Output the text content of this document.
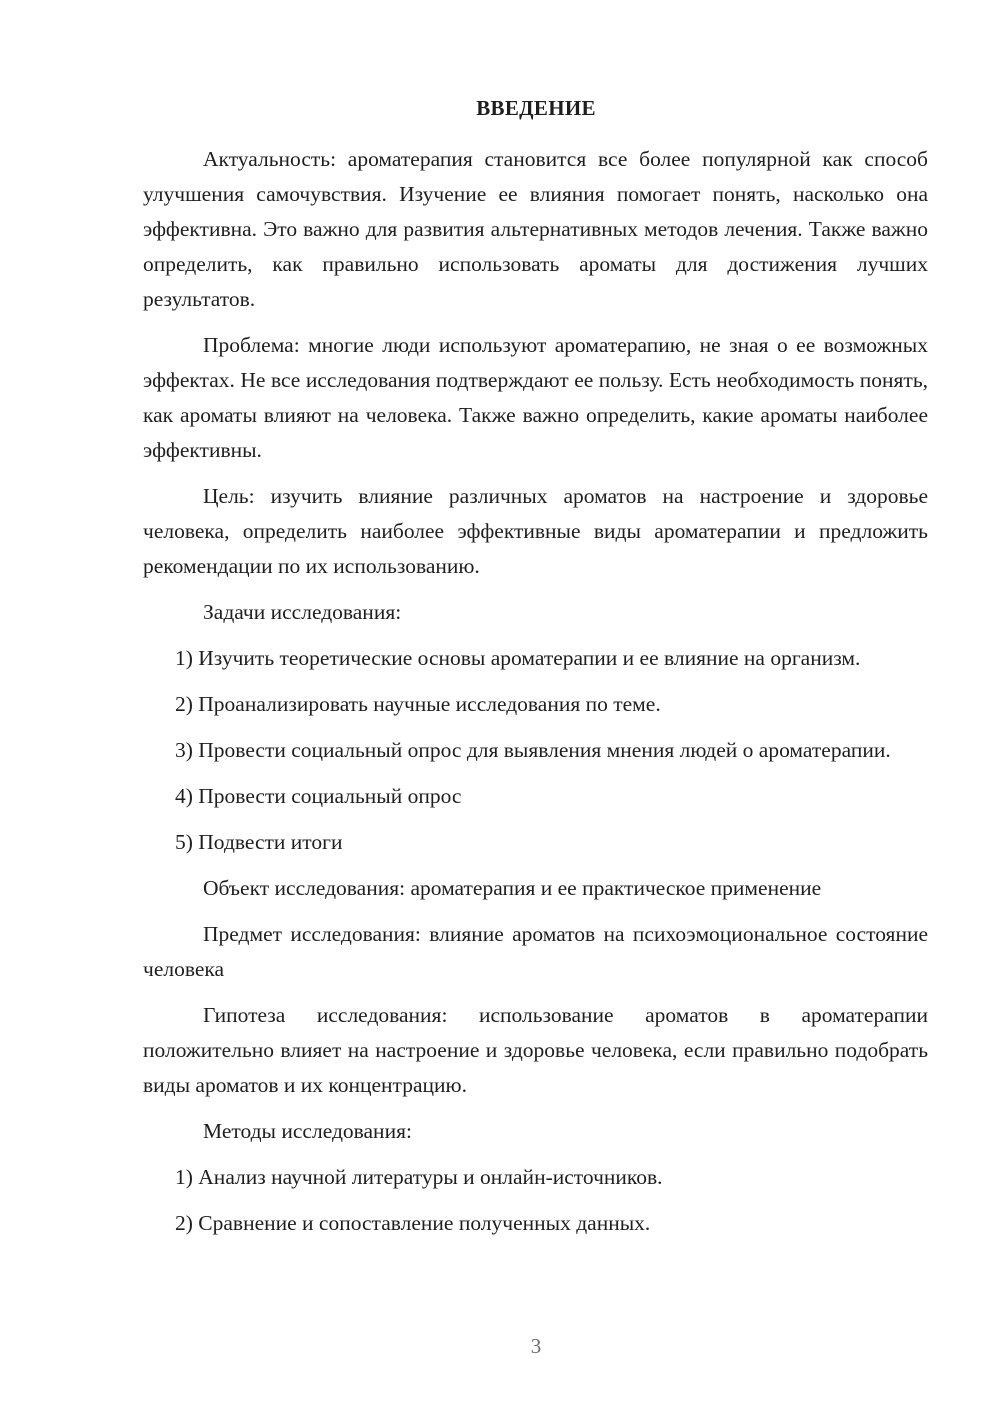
ВВЕДЕНИЕ

Актуальность: ароматерапия становится все более популярной как способ улучшения самочувствия. Изучение ее влияния помогает понять, насколько она эффективна. Это важно для развития альтернативных методов лечения. Также важно определить, как правильно использовать ароматы для достижения лучших результатов.

Проблема: многие люди используют ароматерапию, не зная о ее возможных эффектах. Не все исследования подтверждают ее пользу. Есть необходимость понять, как ароматы влияют на человека. Также важно определить, какие ароматы наиболее эффективны.

Цель: изучить влияние различных ароматов на настроение и здоровье человека, определить наиболее эффективные виды ароматерапии и предложить рекомендации по их использованию.

Задачи исследования:

1) Изучить теоретические основы ароматерапии и ее влияние на организм.

2) Проанализировать научные исследования по теме.

3) Провести социальный опрос для выявления мнения людей о ароматерапии.

4) Провести социальный опрос

5) Подвести итоги

Объект исследования: ароматерапия и ее практическое применение

Предмет исследования: влияние ароматов на психоэмоциональное состояние человека

Гипотеза исследования: использование ароматов в ароматерапии положительно влияет на настроение и здоровье человека, если правильно подобрать виды ароматов и их концентрацию.

Методы исследования:

1) Анализ научной литературы и онлайн-источников.

2) Сравнение и сопоставление полученных данных.

3
